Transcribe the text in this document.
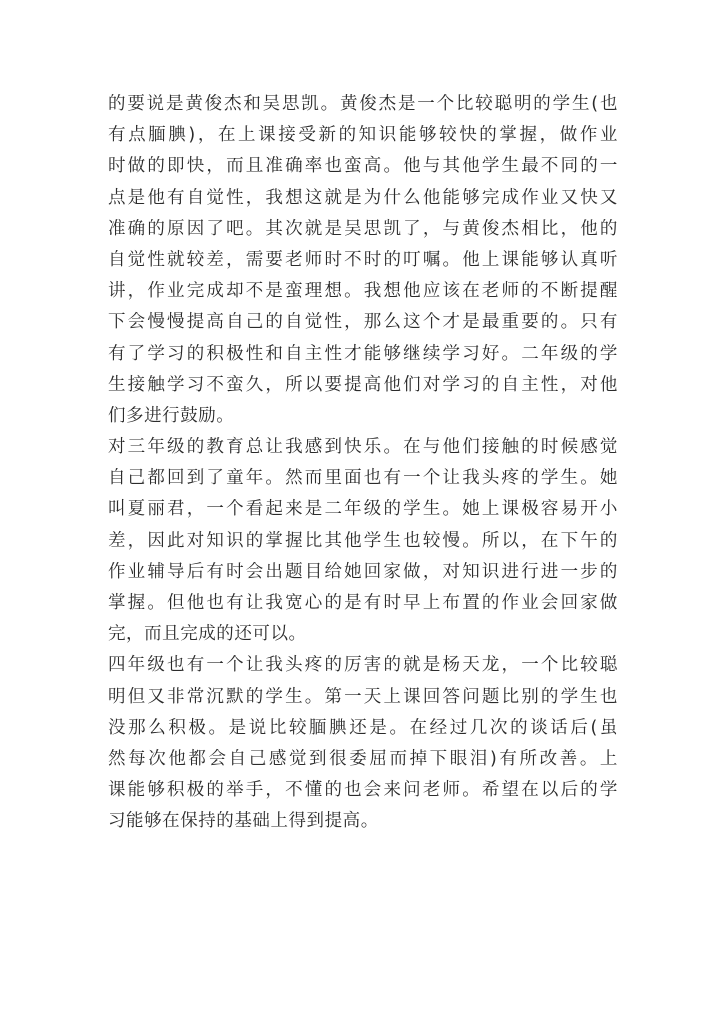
的要说是黄俊杰和吴思凯。黄俊杰是一个比较聪明的学生(也
有点腼腆)，在上课接受新的知识能够较快的掌握，做作业
时做的即快，而且准确率也蛮高。他与其他学生最不同的一
点是他有自觉性，我想这就是为什么他能够完成作业又快又
准确的原因了吧。其次就是吴思凯了，与黄俊杰相比，他的
自觉性就较差，需要老师时不时的叮嘱。他上课能够认真听
讲，作业完成却不是蛮理想。我想他应该在老师的不断提醒
下会慢慢提高自己的自觉性，那么这个才是最重要的。只有
有了学习的积极性和自主性才能够继续学习好。二年级的学
生接触学习不蛮久，所以要提高他们对学习的自主性，对他
们多进行鼓励。
对三年级的教育总让我感到快乐。在与他们接触的时候感觉
自己都回到了童年。然而里面也有一个让我头疼的学生。她
叫夏丽君，一个看起来是二年级的学生。她上课极容易开小
差，因此对知识的掌握比其他学生也较慢。所以，在下午的
作业辅导后有时会出题目给她回家做，对知识进行进一步的
掌握。但他也有让我宽心的是有时早上布置的作业会回家做
完，而且完成的还可以。
四年级也有一个让我头疼的厉害的就是杨天龙，一个比较聪
明但又非常沉默的学生。第一天上课回答问题比别的学生也
没那么积极。是说比较腼腆还是。在经过几次的谈话后(虽
然每次他都会自己感觉到很委屈而掉下眼泪)有所改善。上
课能够积极的举手，不懂的也会来问老师。希望在以后的学
习能够在保持的基础上得到提高。
